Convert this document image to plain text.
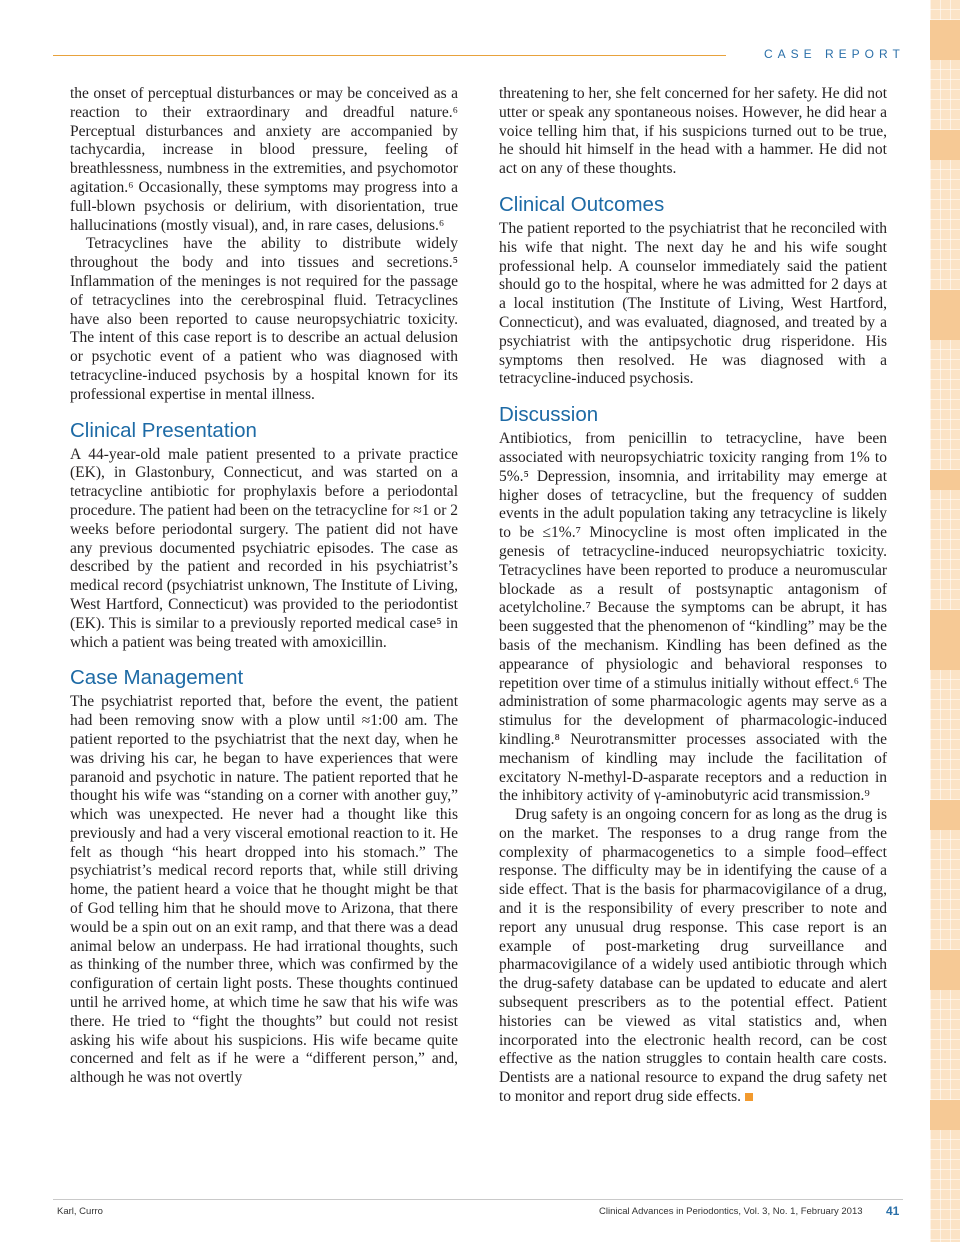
CASE REPORT

the onset of perceptual disturbances or may be conceived as a reaction to their extraordinary and dreadful nature.⁶ Perceptual disturbances and anxiety are accompanied by tachycardia, increase in blood pressure, feeling of breathlessness, numbness in the extremities, and psychomotor agitation.⁶ Occasionally, these symptoms may progress into a full-blown psychosis or delirium, with disorientation, true hallucinations (mostly visual), and, in rare cases, delusions.⁶

Tetracyclines have the ability to distribute widely throughout the body and into tissues and secretions.⁵ Inflammation of the meninges is not required for the passage of tetracyclines into the cerebrospinal fluid. Tetracyclines have also been reported to cause neuropsychiatric toxicity. The intent of this case report is to describe an actual delusion or psychotic event of a patient who was diagnosed with tetracycline-induced psychosis by a hospital known for its professional expertise in mental illness.

Clinical Presentation

A 44-year-old male patient presented to a private practice (EK), in Glastonbury, Connecticut, and was started on a tetracycline antibiotic for prophylaxis before a periodontal procedure. The patient had been on the tetracycline for ≈1 or 2 weeks before periodontal surgery. The patient did not have any previous documented psychiatric episodes. The case as described by the patient and recorded in his psychiatrist’s medical record (psychiatrist unknown, The Institute of Living, West Hartford, Connecticut) was provided to the periodontist (EK). This is similar to a previously reported medical case⁵ in which a patient was being treated with amoxicillin.

Case Management

The psychiatrist reported that, before the event, the patient had been removing snow with a plow until ≈1:00 am. The patient reported to the psychiatrist that the next day, when he was driving his car, he began to have experiences that were paranoid and psychotic in nature. The patient reported that he thought his wife was “standing on a corner with another guy,” which was unexpected. He never had a thought like this previously and had a very visceral emotional reaction to it. He felt as though “his heart dropped into his stomach.” The psychiatrist’s medical record reports that, while still driving home, the patient heard a voice that he thought might be that of God telling him that he should move to Arizona, that there would be a spin out on an exit ramp, and that there was a dead animal below an underpass. He had irrational thoughts, such as thinking of the number three, which was confirmed by the configuration of certain light posts. These thoughts continued until he arrived home, at which time he saw that his wife was there. He tried to “fight the thoughts” but could not resist asking his wife about his suspicions. His wife became quite concerned and felt as if he were a “different person,” and, although he was not overtly

threatening to her, she felt concerned for her safety. He did not utter or speak any spontaneous noises. However, he did hear a voice telling him that, if his suspicions turned out to be true, he should hit himself in the head with a hammer. He did not act on any of these thoughts.

Clinical Outcomes

The patient reported to the psychiatrist that he reconciled with his wife that night. The next day he and his wife sought professional help. A counselor immediately said the patient should go to the hospital, where he was admitted for 2 days at a local institution (The Institute of Living, West Hartford, Connecticut), and was evaluated, diagnosed, and treated by a psychiatrist with the antipsychotic drug risperidone. His symptoms then resolved. He was diagnosed with a tetracycline-induced psychosis.

Discussion

Antibiotics, from penicillin to tetracycline, have been associated with neuropsychiatric toxicity ranging from 1% to 5%.⁵ Depression, insomnia, and irritability may emerge at higher doses of tetracycline, but the frequency of sudden events in the adult population taking any tetracycline is likely to be ≤1%.⁷ Minocycline is most often implicated in the genesis of tetracycline-induced neuropsychiatric toxicity. Tetracyclines have been reported to produce a neuromuscular blockade as a result of postsynaptic antagonism of acetylcholine.⁷ Because the symptoms can be abrupt, it has been suggested that the phenomenon of “kindling” may be the basis of the mechanism. Kindling has been defined as the appearance of physiologic and behavioral responses to repetition over time of a stimulus initially without effect.⁶ The administration of some pharmacologic agents may serve as a stimulus for the development of pharmacologic-induced kindling.⁸ Neurotransmitter processes associated with the mechanism of kindling may include the facilitation of excitatory N-methyl-D-asparate receptors and a reduction in the inhibitory activity of γ-aminobutyric acid transmission.⁹

Drug safety is an ongoing concern for as long as the drug is on the market. The responses to a drug range from the complexity of pharmacogenetics to a simple food–effect response. The difficulty may be in identifying the cause of a side effect. That is the basis for pharmacovigilance of a drug, and it is the responsibility of every prescriber to note and report any unusual drug response. This case report is an example of post-marketing drug surveillance and pharmacovigilance of a widely used antibiotic through which the drug-safety database can be updated to educate and alert subsequent prescribers as to the potential effect. Patient histories can be viewed as vital statistics and, when incorporated into the electronic health record, can be cost effective as the nation struggles to contain health care costs. Dentists are a national resource to expand the drug safety net to monitor and report drug side effects.

Karl, Curro	Clinical Advances in Periodontics, Vol. 3, No. 1, February 2013 41
